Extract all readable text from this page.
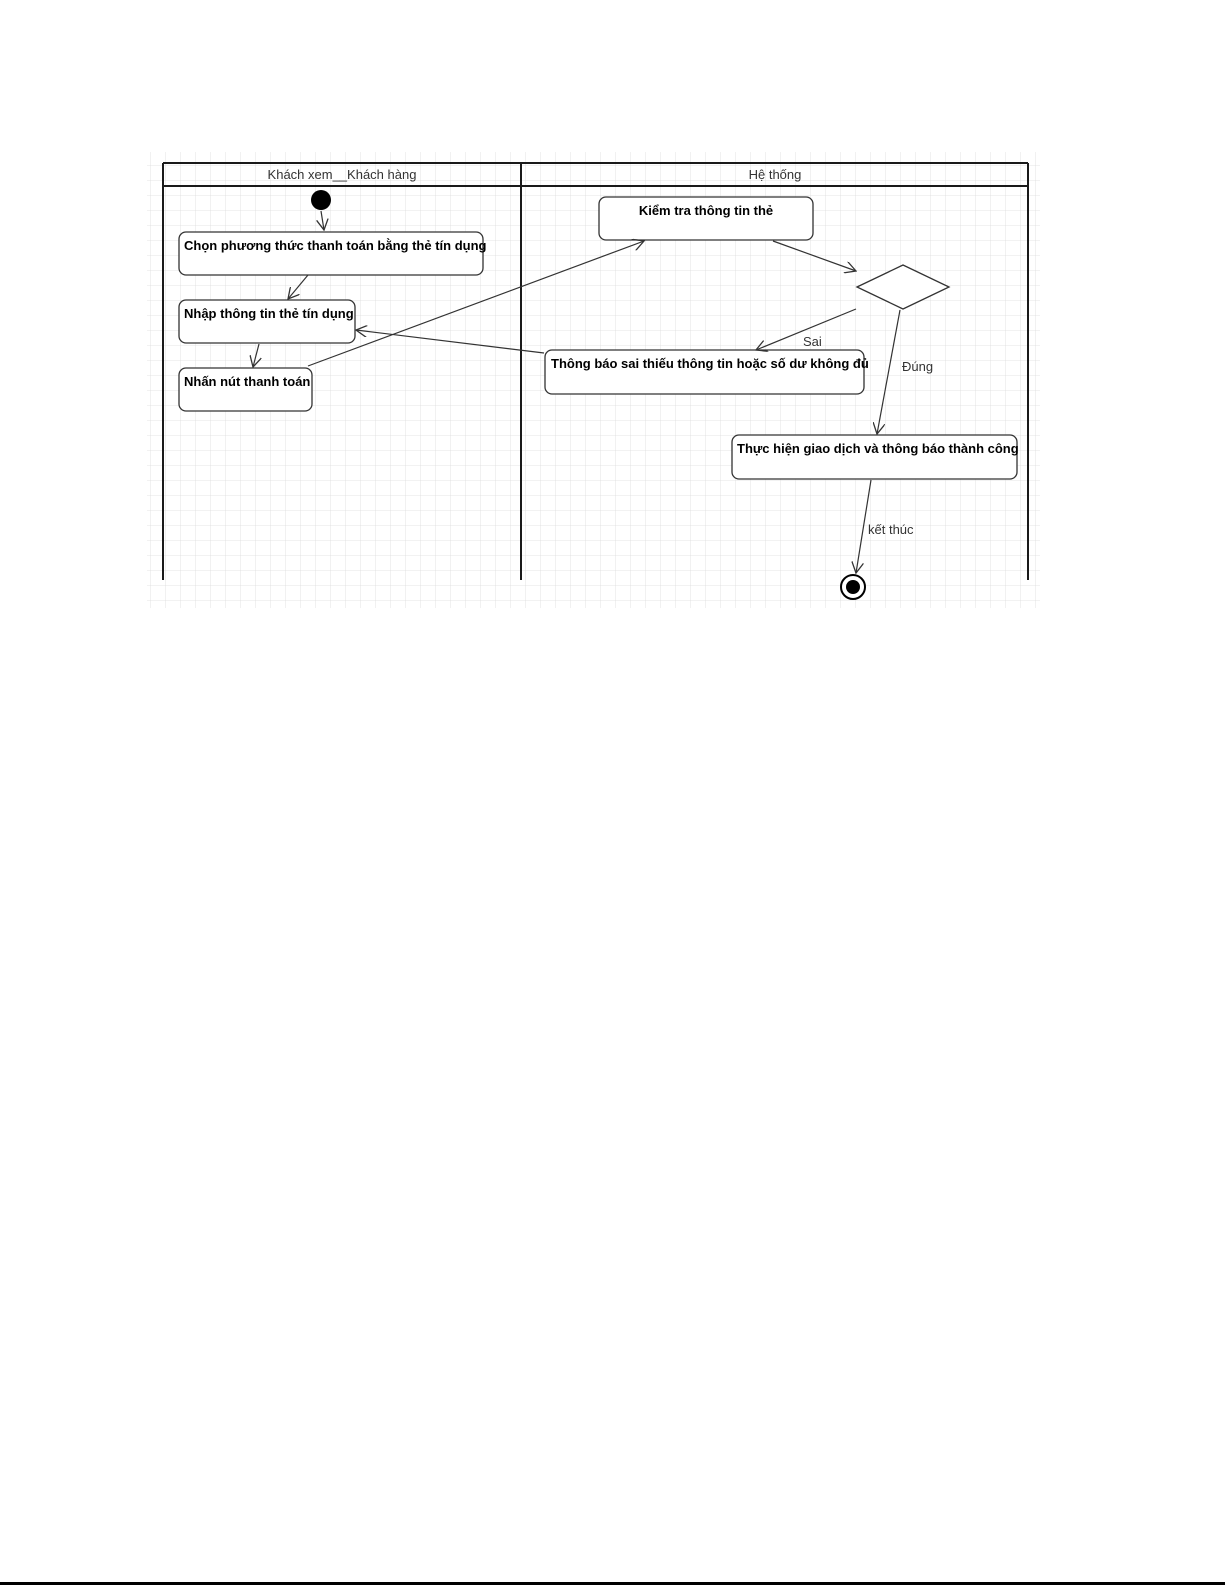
Khách xem__Khách hàng	Hệ thống
Chọn phương thức thanh toán bằng thẻ tín dụng
Nhập thông tin thẻ tín dụng
Nhấn nút thanh toán
Kiểm tra thông tin thẻ
Thông báo sai thiếu thông tin hoặc số dư không đủ
Thực hiện giao dịch và thông báo thành công
Sai
Đúng
kết thúc
